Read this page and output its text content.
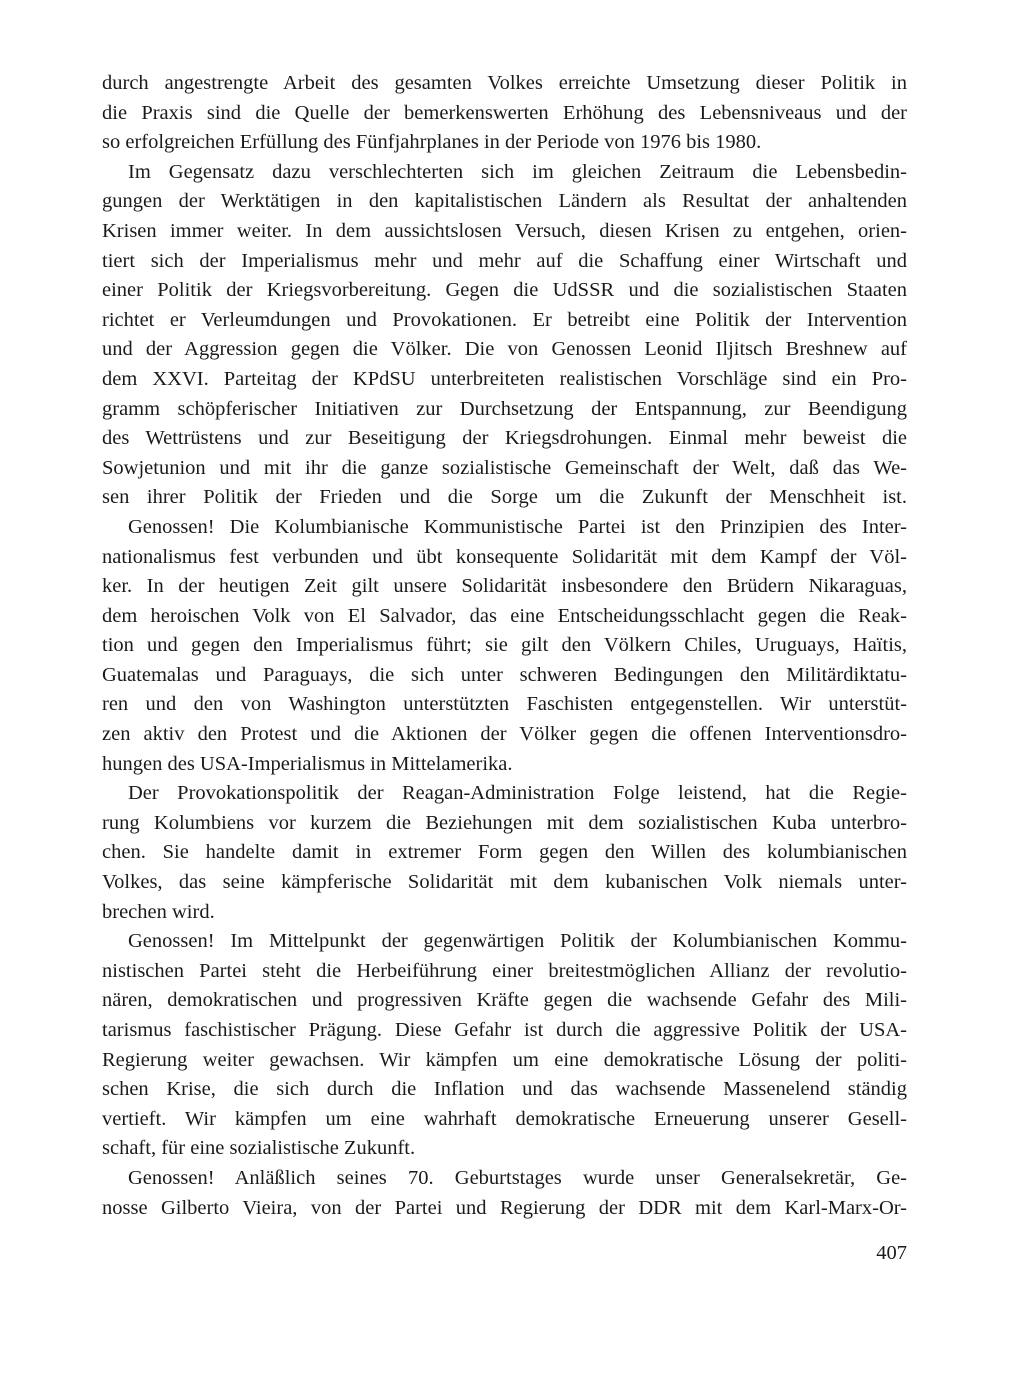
durch angestrengte Arbeit des gesamten Volkes erreichte Umsetzung dieser Politik in
die Praxis sind die Quelle der bemerkenswerten Erhöhung des Lebensniveaus und der
so erfolgreichen Erfüllung des Fünfjahrplanes in der Periode von 1976 bis 1980.
Im Gegensatz dazu verschlechterten sich im gleichen Zeitraum die Lebensbedin-
gungen der Werktätigen in den kapitalistischen Ländern als Resultat der anhaltenden
Krisen immer weiter. In dem aussichtslosen Versuch, diesen Krisen zu entgehen, orien-
tiert sich der Imperialismus mehr und mehr auf die Schaffung einer Wirtschaft und
einer Politik der Kriegsvorbereitung. Gegen die UdSSR und die sozialistischen Staaten
richtet er Verleumdungen und Provokationen. Er betreibt eine Politik der Intervention
und der Aggression gegen die Völker. Die von Genossen Leonid Iljitsch Breshnew auf
dem XXVI. Parteitag der KPdSU unterbreiteten realistischen Vorschläge sind ein Pro-
gramm schöpferischer Initiativen zur Durchsetzung der Entspannung, zur Beendigung
des Wettrüstens und zur Beseitigung der Kriegsdrohungen. Einmal mehr beweist die
Sowjetunion und mit ihr die ganze sozialistische Gemeinschaft der Welt, daß das We-
sen ihrer Politik der Frieden und die Sorge um die Zukunft der Menschheit ist.
Genossen! Die Kolumbianische Kommunistische Partei ist den Prinzipien des Inter-
nationalismus fest verbunden und übt konsequente Solidarität mit dem Kampf der Völ-
ker. In der heutigen Zeit gilt unsere Solidarität insbesondere den Brüdern Nikaraguas,
dem heroischen Volk von El Salvador, das eine Entscheidungsschlacht gegen die Reak-
tion und gegen den Imperialismus führt; sie gilt den Völkern Chiles, Uruguays, Haïtis,
Guatemalas und Paraguays, die sich unter schweren Bedingungen den Militärdiktatu-
ren und den von Washington unterstützten Faschisten entgegenstellen. Wir unterstüt-
zen aktiv den Protest und die Aktionen der Völker gegen die offenen Interventionsdro-
hungen des USA-Imperialismus in Mittelamerika.
Der Provokationspolitik der Reagan-Administration Folge leistend, hat die Regie-
rung Kolumbiens vor kurzem die Beziehungen mit dem sozialistischen Kuba unterbro-
chen. Sie handelte damit in extremer Form gegen den Willen des kolumbianischen
Volkes, das seine kämpferische Solidarität mit dem kubanischen Volk niemals unter-
brechen wird.
Genossen! Im Mittelpunkt der gegenwärtigen Politik der Kolumbianischen Kommu-
nistischen Partei steht die Herbeiführung einer breitestmöglichen Allianz der revolutio-
nären, demokratischen und progressiven Kräfte gegen die wachsende Gefahr des Mili-
tarismus faschistischer Prägung. Diese Gefahr ist durch die aggressive Politik der USA-
Regierung weiter gewachsen. Wir kämpfen um eine demokratische Lösung der politi-
schen Krise, die sich durch die Inflation und das wachsende Massenelend ständig
vertieft. Wir kämpfen um eine wahrhaft demokratische Erneuerung unserer Gesell-
schaft, für eine sozialistische Zukunft.
Genossen! Anläßlich seines 70. Geburtstages wurde unser Generalsekretär, Ge-
nosse Gilberto Vieira, von der Partei und Regierung der DDR mit dem Karl-Marx-Or-
407
